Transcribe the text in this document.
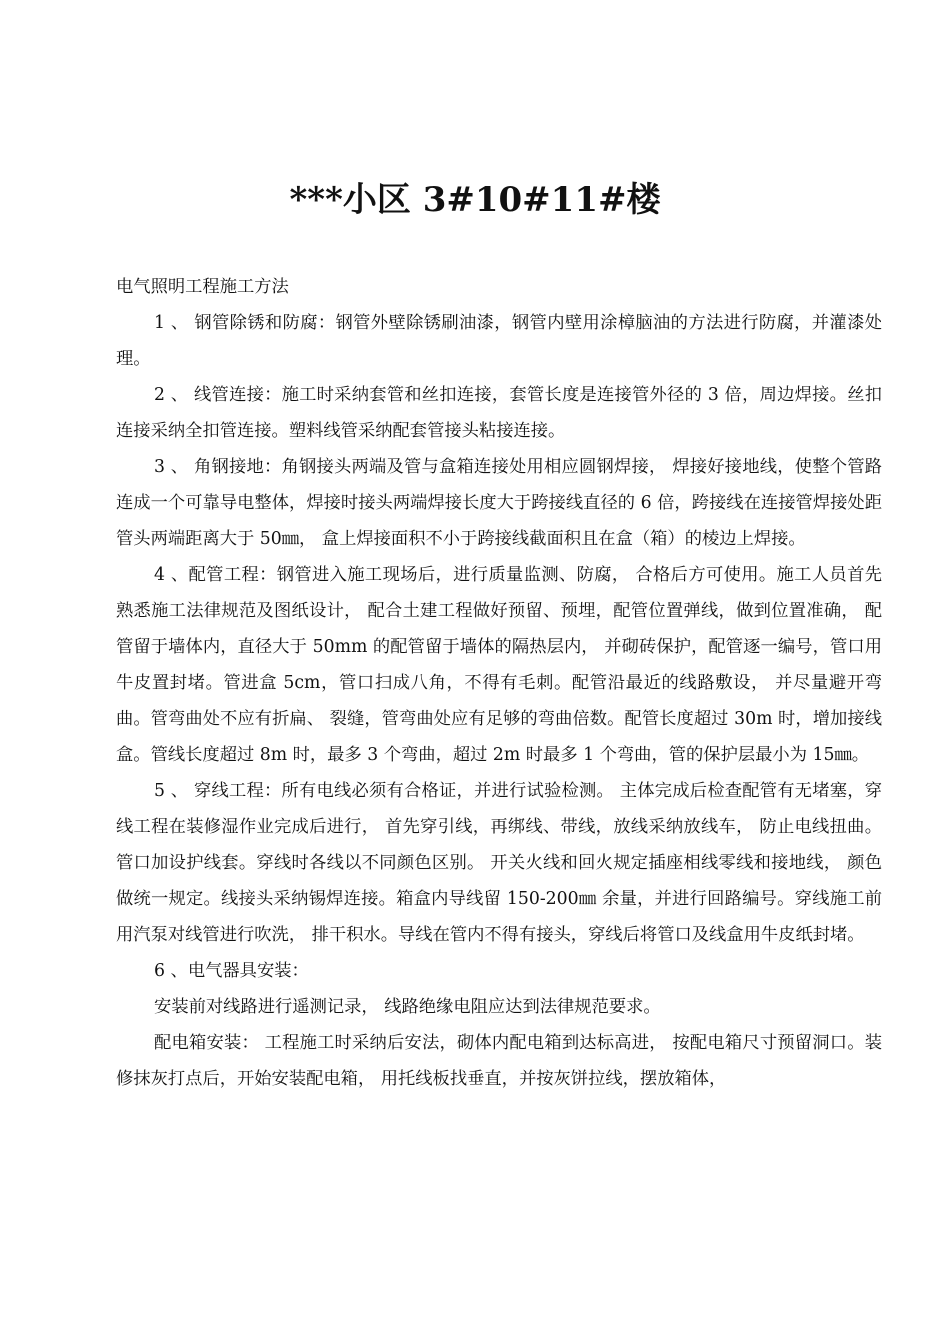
***小区 3#10#11#楼

电气照明工程施工方法

1 、 钢管除锈和防腐：钢管外壁除锈刷油漆，钢管内壁用涂樟脑油的方法进行防腐，并灌漆处理。

2 、 线管连接：施工时采纳套管和丝扣连接，套管长度是连接管外径的 3 倍，周边焊接。丝扣连接采纳全扣管连接。塑料线管采纳配套管接头粘接连接。

3 、 角钢接地：角钢接头两端及管与盒箱连接处用相应圆钢焊接， 焊接好接地线，使整个管路连成一个可靠导电整体，焊接时接头两端焊接长度大于跨接线直径的 6 倍，跨接线在连接管焊接处距管头两端距离大于 50㎜， 盒上焊接面积不小于跨接线截面积且在盒（箱）的棱边上焊接。

4 、配管工程：钢管进入施工现场后，进行质量监测、防腐， 合格后方可使用。施工人员首先熟悉施工法律规范及图纸设计， 配合土建工程做好预留、预埋，配管位置弹线，做到位置准确， 配管留于墙体内，直径大于 50mm 的配管留于墙体的隔热层内， 并砌砖保护，配管逐一编号，管口用牛皮置封堵。管进盒 5cm，管口扫成八角，不得有毛刺。配管沿最近的线路敷设， 并尽量避开弯曲。管弯曲处不应有折扁、 裂缝，管弯曲处应有足够的弯曲倍数。配管长度超过 30m 时，增加接线盒。管线长度超过 8m 时，最多 3 个弯曲，超过 2m 时最多 1 个弯曲，管的保护层最小为 15㎜。

5 、 穿线工程：所有电线必须有合格证，并进行试验检测。 主体完成后检查配管有无堵塞，穿线工程在装修湿作业完成后进行， 首先穿引线，再绑线、带线，放线采纳放线车， 防止电线扭曲。管口加设护线套。穿线时各线以不同颜色区别。 开关火线和回火规定插座相线零线和接地线， 颜色做统一规定。线接头采纳锡焊连接。箱盒内导线留 150-200㎜ 余量，并进行回路编号。穿线施工前用汽泵对线管进行吹洗， 排干积水。导线在管内不得有接头，穿线后将管口及线盒用牛皮纸封堵。

6 、电气器具安装：

安装前对线路进行遥测记录， 线路绝缘电阻应达到法律规范要求。

配电箱安装： 工程施工时采纳后安法，砌体内配电箱到达标高进， 按配电箱尺寸预留洞口。装修抹灰打点后，开始安装配电箱， 用托线板找垂直，并按灰饼拉线，摆放箱体，
